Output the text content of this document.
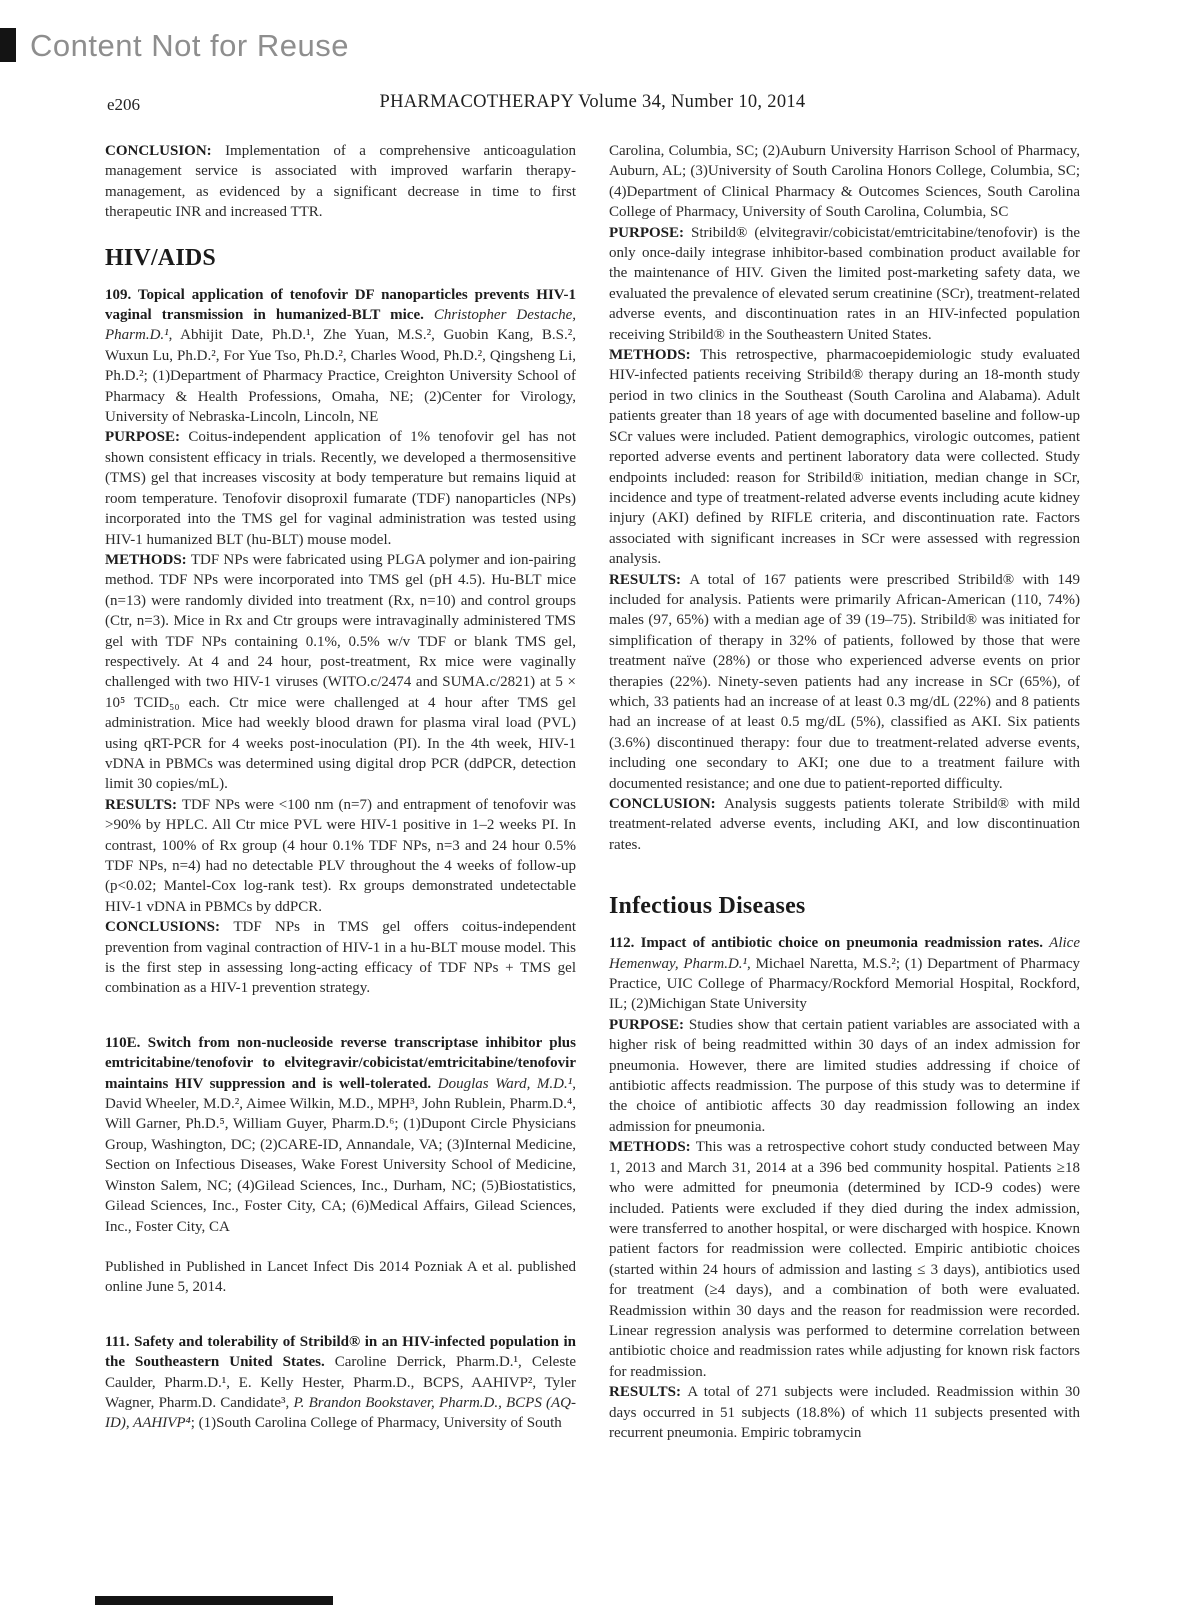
Content Not for Reuse
e206	PHARMACOTHERAPY Volume 34, Number 10, 2014

CONCLUSION: Implementation of a comprehensive anticoagulation management service is associated with improved warfarin therapy-management, as evidenced by a significant decrease in time to first therapeutic INR and increased TTR.

HIV/AIDS

109. Topical application of tenofovir DF nanoparticles prevents HIV-1 vaginal transmission in humanized-BLT mice. Christopher Destache, Pharm.D.¹, Abhijit Date, Ph.D.¹, Zhe Yuan, M.S.², Guobin Kang, B.S.², Wuxun Lu, Ph.D.², For Yue Tso, Ph.D.², Charles Wood, Ph.D.², Qingsheng Li, Ph.D.²; (1)Department of Pharmacy Practice, Creighton University School of Pharmacy & Health Professions, Omaha, NE; (2)Center for Virology, University of Nebraska-Lincoln, Lincoln, NE

PURPOSE: Coitus-independent application of 1% tenofovir gel has not shown consistent efficacy in trials. Recently, we developed a thermosensitive (TMS) gel that increases viscosity at body temperature but remains liquid at room temperature. Tenofovir disoproxil fumarate (TDF) nanoparticles (NPs) incorporated into the TMS gel for vaginal administration was tested using HIV-1 humanized BLT (hu-BLT) mouse model.

METHODS: TDF NPs were fabricated using PLGA polymer and ion-pairing method. TDF NPs were incorporated into TMS gel (pH 4.5). Hu-BLT mice (n=13) were randomly divided into treatment (Rx, n=10) and control groups (Ctr, n=3). Mice in Rx and Ctr groups were intravaginally administered TMS gel with TDF NPs containing 0.1%, 0.5% w/v TDF or blank TMS gel, respectively. At 4 and 24 hour, post-treatment, Rx mice were vaginally challenged with two HIV-1 viruses (WITO.c/2474 and SUMA.c/2821) at 5 × 10⁵ TCID₅₀ each. Ctr mice were challenged at 4 hour after TMS gel administration. Mice had weekly blood drawn for plasma viral load (PVL) using qRT-PCR for 4 weeks post-inoculation (PI). In the 4th week, HIV-1 vDNA in PBMCs was determined using digital drop PCR (ddPCR, detection limit 30 copies/mL).

RESULTS: TDF NPs were <100 nm (n=7) and entrapment of tenofovir was >90% by HPLC. All Ctr mice PVL were HIV-1 positive in 1–2 weeks PI. In contrast, 100% of Rx group (4 hour 0.1% TDF NPs, n=3 and 24 hour 0.5% TDF NPs, n=4) had no detectable PLV throughout the 4 weeks of follow-up (p<0.02; Mantel-Cox log-rank test). Rx groups demonstrated undetectable HIV-1 vDNA in PBMCs by ddPCR.

CONCLUSIONS: TDF NPs in TMS gel offers coitus-independent prevention from vaginal contraction of HIV-1 in a hu-BLT mouse model. This is the first step in assessing long-acting efficacy of TDF NPs + TMS gel combination as a HIV-1 prevention strategy.

110E. Switch from non-nucleoside reverse transcriptase inhibitor plus emtricitabine/tenofovir to elvitegravir/cobicistat/emtricitabine/tenofovir maintains HIV suppression and is well-tolerated. Douglas Ward, M.D.¹, David Wheeler, M.D.², Aimee Wilkin, M.D., MPH³, John Rublein, Pharm.D.⁴, Will Garner, Ph.D.⁵, William Guyer, Pharm.D.⁶; (1)Dupont Circle Physicians Group, Washington, DC; (2)CARE-ID, Annandale, VA; (3)Internal Medicine, Section on Infectious Diseases, Wake Forest University School of Medicine, Winston Salem, NC; (4)Gilead Sciences, Inc., Durham, NC; (5)Biostatistics, Gilead Sciences, Inc., Foster City, CA; (6)Medical Affairs, Gilead Sciences, Inc., Foster City, CA

Published in Published in Lancet Infect Dis 2014 Pozniak A et al. published online June 5, 2014.

111. Safety and tolerability of Stribild® in an HIV-infected population in the Southeastern United States. Caroline Derrick, Pharm.D.¹, Celeste Caulder, Pharm.D.¹, E. Kelly Hester, Pharm.D., BCPS, AAHIVP², Tyler Wagner, Pharm.D. Candidate³, P. Brandon Bookstaver, Pharm.D., BCPS (AQ-ID), AAHIVP⁴; (1)South Carolina College of Pharmacy, University of South

Carolina, Columbia, SC; (2)Auburn University Harrison School of Pharmacy, Auburn, AL; (3)University of South Carolina Honors College, Columbia, SC; (4)Department of Clinical Pharmacy & Outcomes Sciences, South Carolina College of Pharmacy, University of South Carolina, Columbia, SC

PURPOSE: Stribild® (elvitegravir/cobicistat/emtricitabine/tenofovir) is the only once-daily integrase inhibitor-based combination product available for the maintenance of HIV. Given the limited post-marketing safety data, we evaluated the prevalence of elevated serum creatinine (SCr), treatment-related adverse events, and discontinuation rates in an HIV-infected population receiving Stribild® in the Southeastern United States.

METHODS: This retrospective, pharmacoepidemiologic study evaluated HIV-infected patients receiving Stribild® therapy during an 18-month study period in two clinics in the Southeast (South Carolina and Alabama). Adult patients greater than 18 years of age with documented baseline and follow-up SCr values were included. Patient demographics, virologic outcomes, patient reported adverse events and pertinent laboratory data were collected. Study endpoints included: reason for Stribild® initiation, median change in SCr, incidence and type of treatment-related adverse events including acute kidney injury (AKI) defined by RIFLE criteria, and discontinuation rate. Factors associated with significant increases in SCr were assessed with regression analysis.

RESULTS: A total of 167 patients were prescribed Stribild® with 149 included for analysis. Patients were primarily African-American (110, 74%) males (97, 65%) with a median age of 39 (19–75). Stribild® was initiated for simplification of therapy in 32% of patients, followed by those that were treatment naïve (28%) or those who experienced adverse events on prior therapies (22%). Ninety-seven patients had any increase in SCr (65%), of which, 33 patients had an increase of at least 0.3 mg/dL (22%) and 8 patients had an increase of at least 0.5 mg/dL (5%), classified as AKI. Six patients (3.6%) discontinued therapy: four due to treatment-related adverse events, including one secondary to AKI; one due to a treatment failure with documented resistance; and one due to patient-reported difficulty.

CONCLUSION: Analysis suggests patients tolerate Stribild® with mild treatment-related adverse events, including AKI, and low discontinuation rates.

Infectious Diseases

112. Impact of antibiotic choice on pneumonia readmission rates. Alice Hemenway, Pharm.D.¹, Michael Naretta, M.S.²; (1) Department of Pharmacy Practice, UIC College of Pharmacy/Rockford Memorial Hospital, Rockford, IL; (2)Michigan State University

PURPOSE: Studies show that certain patient variables are associated with a higher risk of being readmitted within 30 days of an index admission for pneumonia. However, there are limited studies addressing if choice of antibiotic affects readmission. The purpose of this study was to determine if the choice of antibiotic affects 30 day readmission following an index admission for pneumonia.

METHODS: This was a retrospective cohort study conducted between May 1, 2013 and March 31, 2014 at a 396 bed community hospital. Patients ≥18 who were admitted for pneumonia (determined by ICD-9 codes) were included. Patients were excluded if they died during the index admission, were transferred to another hospital, or were discharged with hospice. Known patient factors for readmission were collected. Empiric antibiotic choices (started within 24 hours of admission and lasting ≤ 3 days), antibiotics used for treatment (≥4 days), and a combination of both were evaluated. Readmission within 30 days and the reason for readmission were recorded. Linear regression analysis was performed to determine correlation between antibiotic choice and readmission rates while adjusting for known risk factors for readmission.

RESULTS: A total of 271 subjects were included. Readmission within 30 days occurred in 51 subjects (18.8%) of which 11 subjects presented with recurrent pneumonia. Empiric tobramycin
